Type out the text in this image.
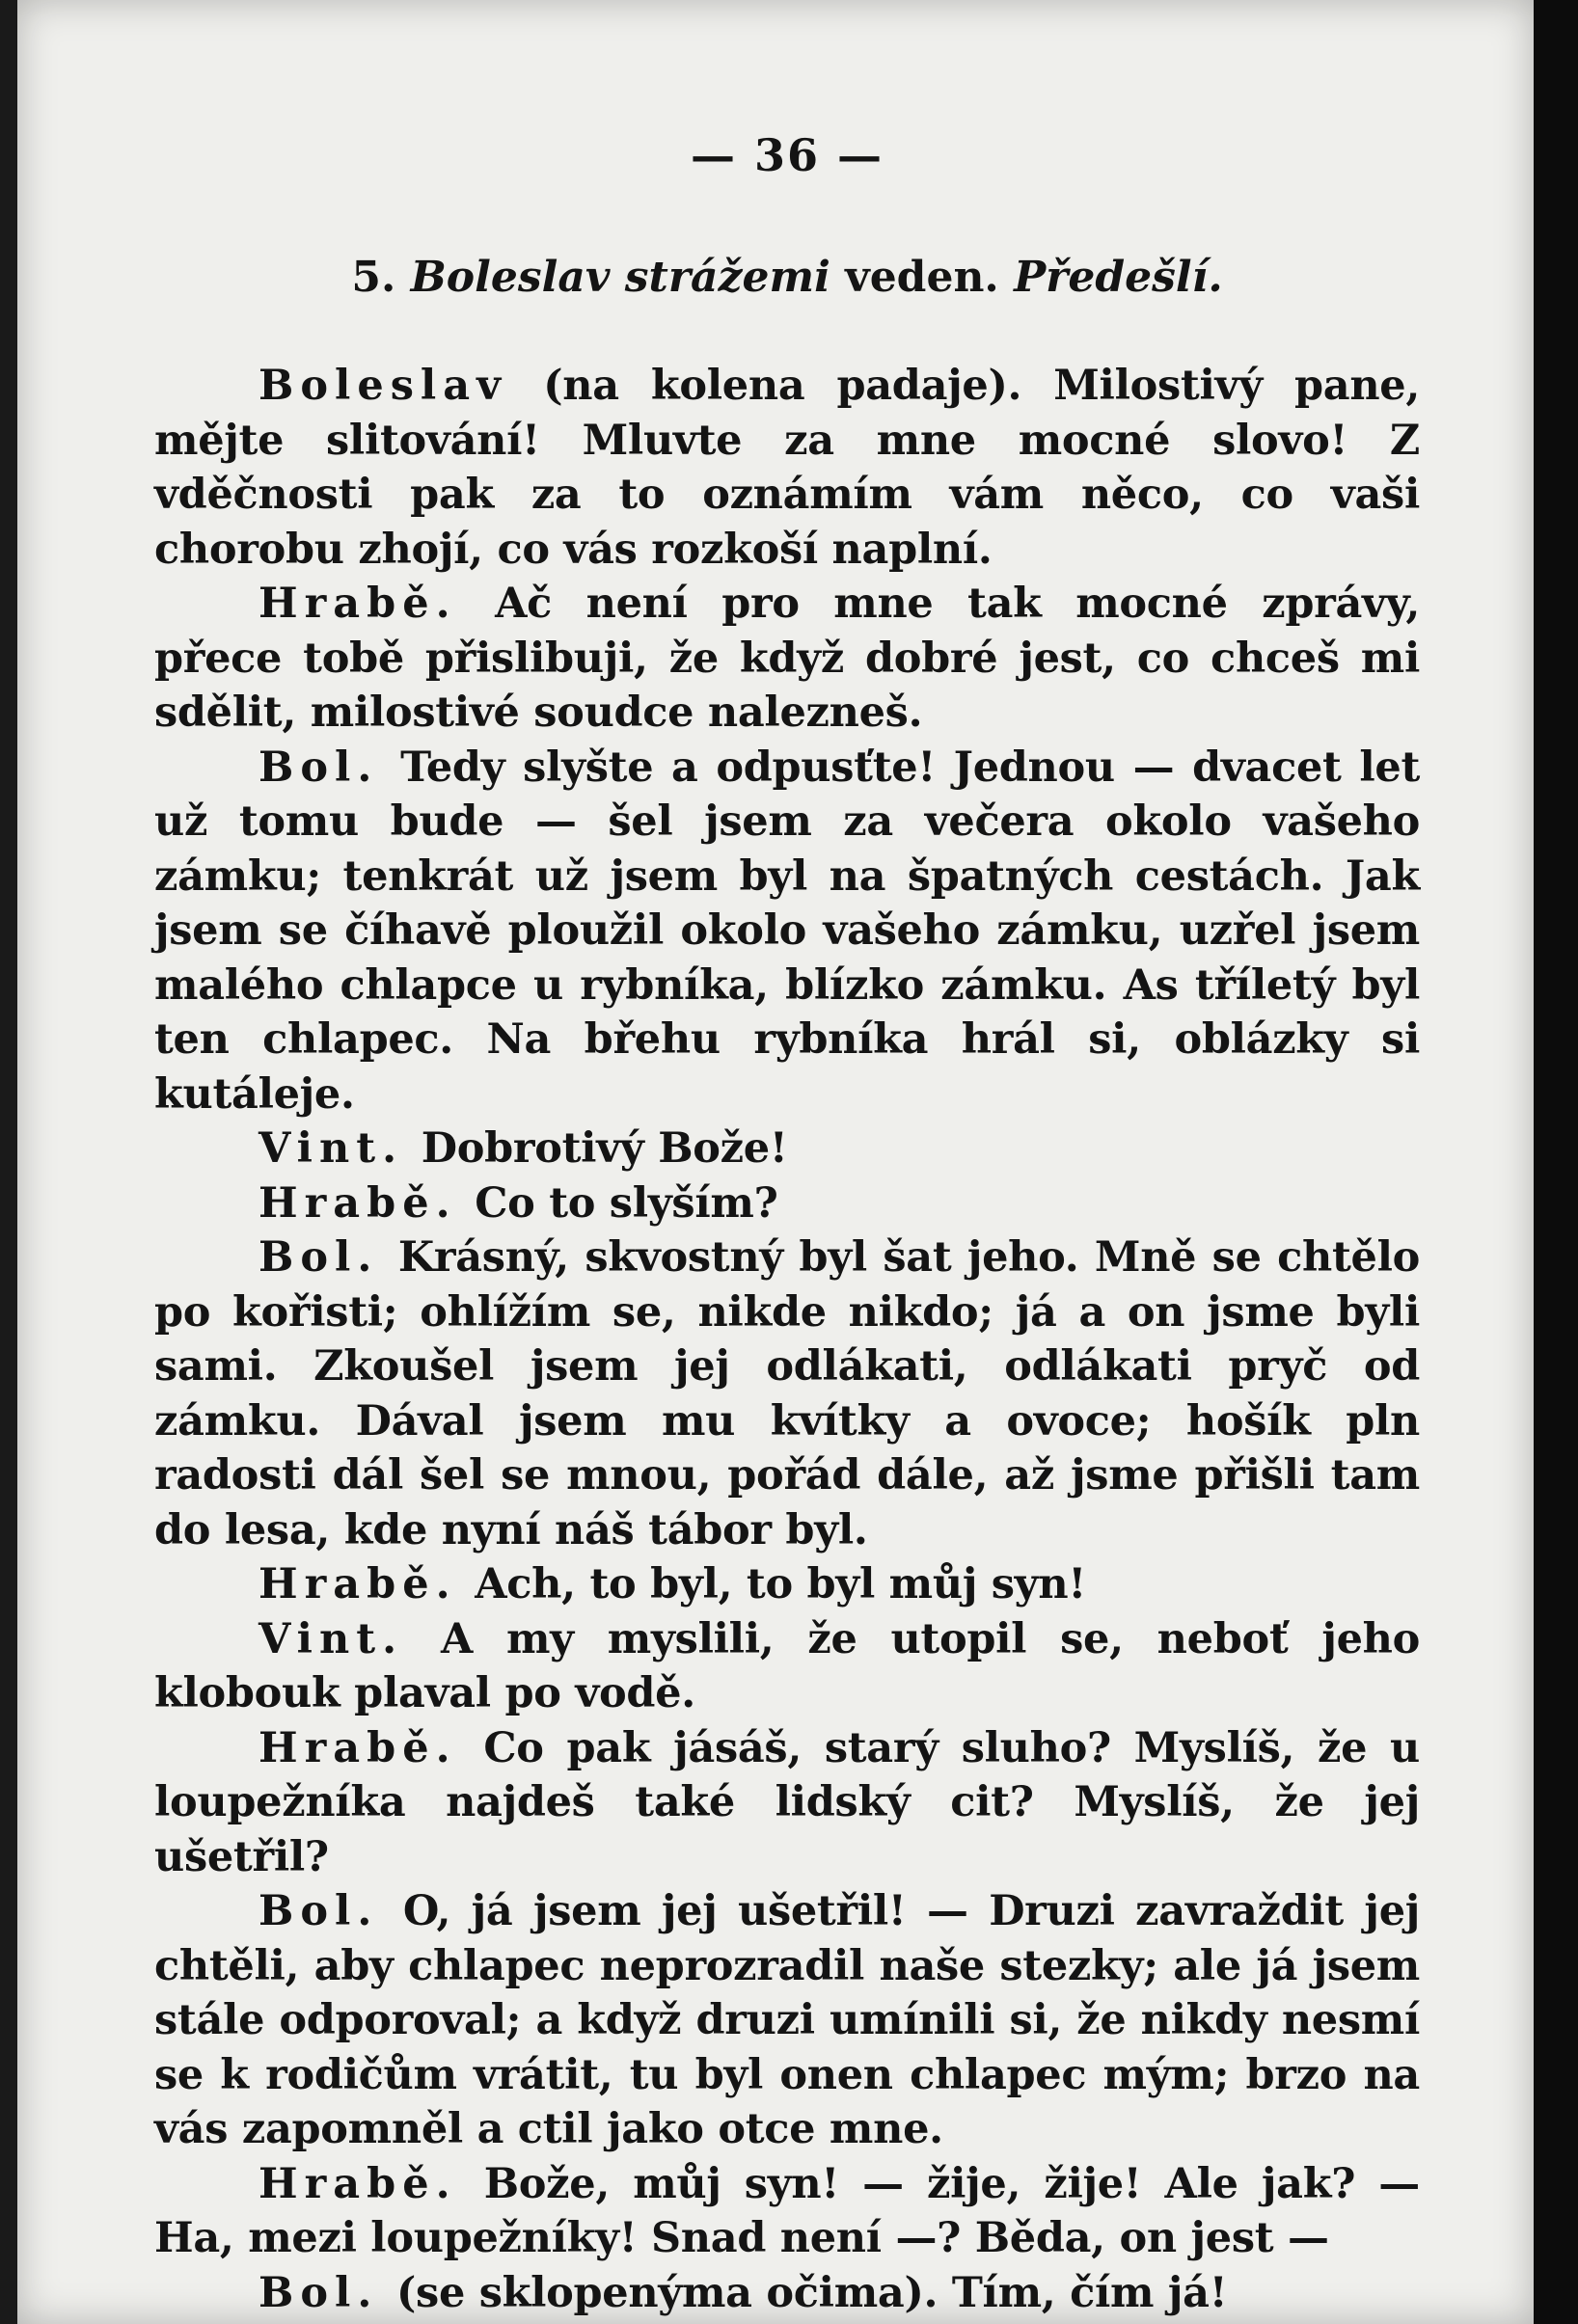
— 36 —
5. Boleslav strážemi veden. Předešlí.

Boleslav (na kolena padaje). Milostivý pane, mějte slitování! Mluvte za mne mocné slovo! Z vděčnosti pak za to oznámím vám něco, co vaši chorobu zhojí, co vás rozkoší naplní.

Hrabě. Ač není pro mne tak mocné zprávy, přece tobě přislibuji, že když dobré jest, co chceš mi sdělit, milostivé soudce nalezneš.

Bol. Tedy slyšte a odpusťte! Jednou — dvacet let už tomu bude — šel jsem za večera okolo vašeho zámku; tenkrát už jsem byl na špatných cestách. Jak jsem se číhavě ploužil okolo vašeho zámku, uzřel jsem malého chlapce u rybníka, blízko zámku. As tříletý byl ten chlapec. Na břehu rybníka hrál si, oblázky si kutáleje.

Vint. Dobrotivý Bože!

Hrabě. Co to slyším?

Bol. Krásný, skvostný byl šat jeho. Mně se chtělo po kořisti; ohlížím se, nikde nikdo; já a on jsme byli sami. Zkoušel jsem jej odlákati, odlákati pryč od zámku. Dával jsem mu kvítky a ovoce; hošík pln radosti dál šel se mnou, pořád dále, až jsme přišli tam do lesa, kde nyní náš tábor byl.

Hrabě. Ach, to byl, to byl můj syn!

Vint. A my myslili, že utopil se, neboť jeho klobouk plaval po vodě.

Hrabě. Co pak jásáš, starý sluho? Myslíš, že u loupežníka najdeš také lidský cit? Myslíš, že jej ušetřil?

Bol. O, já jsem jej ušetřil! — Druzi zavraždit jej chtěli, aby chlapec neprozradil naše stezky; ale já jsem stále odporoval; a když druzi umínili si, že nikdy nesmí se k rodičům vrátit, tu byl onen chlapec mým; brzo na vás zapomněl a ctil jako otce mne.

Hrabě. Bože, můj syn! — žije, žije! Ale jak? — Ha, mezi loupežníky! Snad není —? Běda, on jest —

Bol. (se sklopenýma očima). Tím, čím já!
